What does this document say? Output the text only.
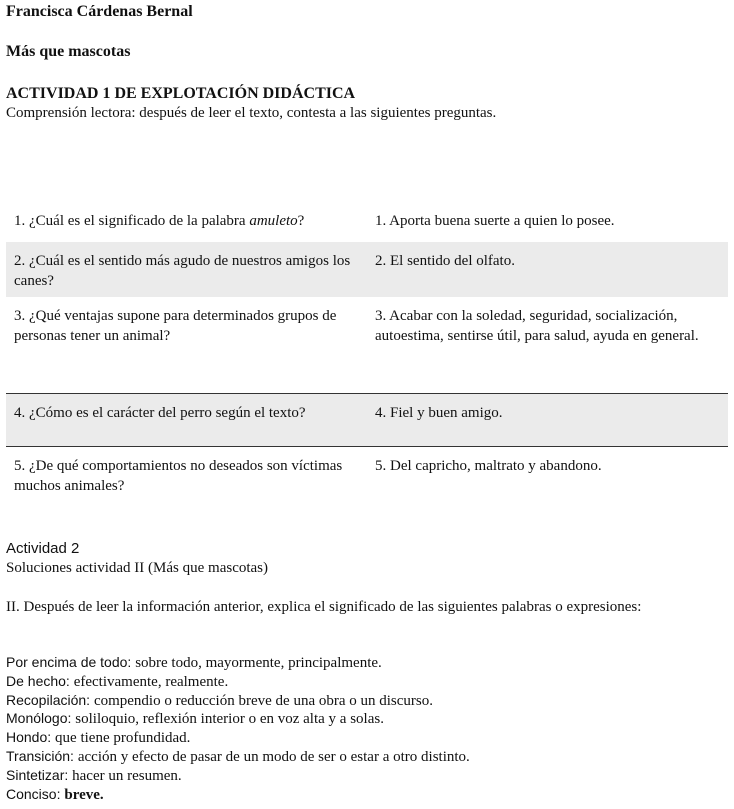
Francisca Cárdenas Bernal
Más que mascotas
ACTIVIDAD 1 DE EXPLOTACIÓN DIDÁCTICA
Comprensión lectora: después de leer el texto, contesta a las siguientes preguntas.
1. ¿Cuál es el significado de la palabra amuleto?	1. Aporta buena suerte a quien lo posee.
2. ¿Cuál es el sentido más agudo de nuestros amigos los canes?
2. El sentido del olfato.
3. ¿Qué ventajas supone para determinados grupos de personas tener un animal?
3. Acabar con la soledad, seguridad, socialización, autoestima, sentirse útil, para salud, ayuda en general.
4. ¿Cómo es el carácter del perro según el texto?	4. Fiel y buen amigo.
5. ¿De qué comportamientos no deseados son víctimas muchos animales?
5. Del capricho, maltrato y abandono.
Actividad 2
Soluciones actividad II (Más que mascotas)
II. Después de leer la información anterior, explica el significado de las siguientes palabras o expresiones:
Por encima de todo: sobre todo, mayormente, principalmente.
De hecho: efectivamente, realmente.
Recopilación: compendio o reducción breve de una obra o un discurso.
Monólogo: soliloquio, reflexión interior o en voz alta y a solas.
Hondo: que tiene profundidad.
Transición: acción y efecto de pasar de un modo de ser o estar a otro distinto.
Sintetizar: hacer un resumen.
Conciso: breve.
